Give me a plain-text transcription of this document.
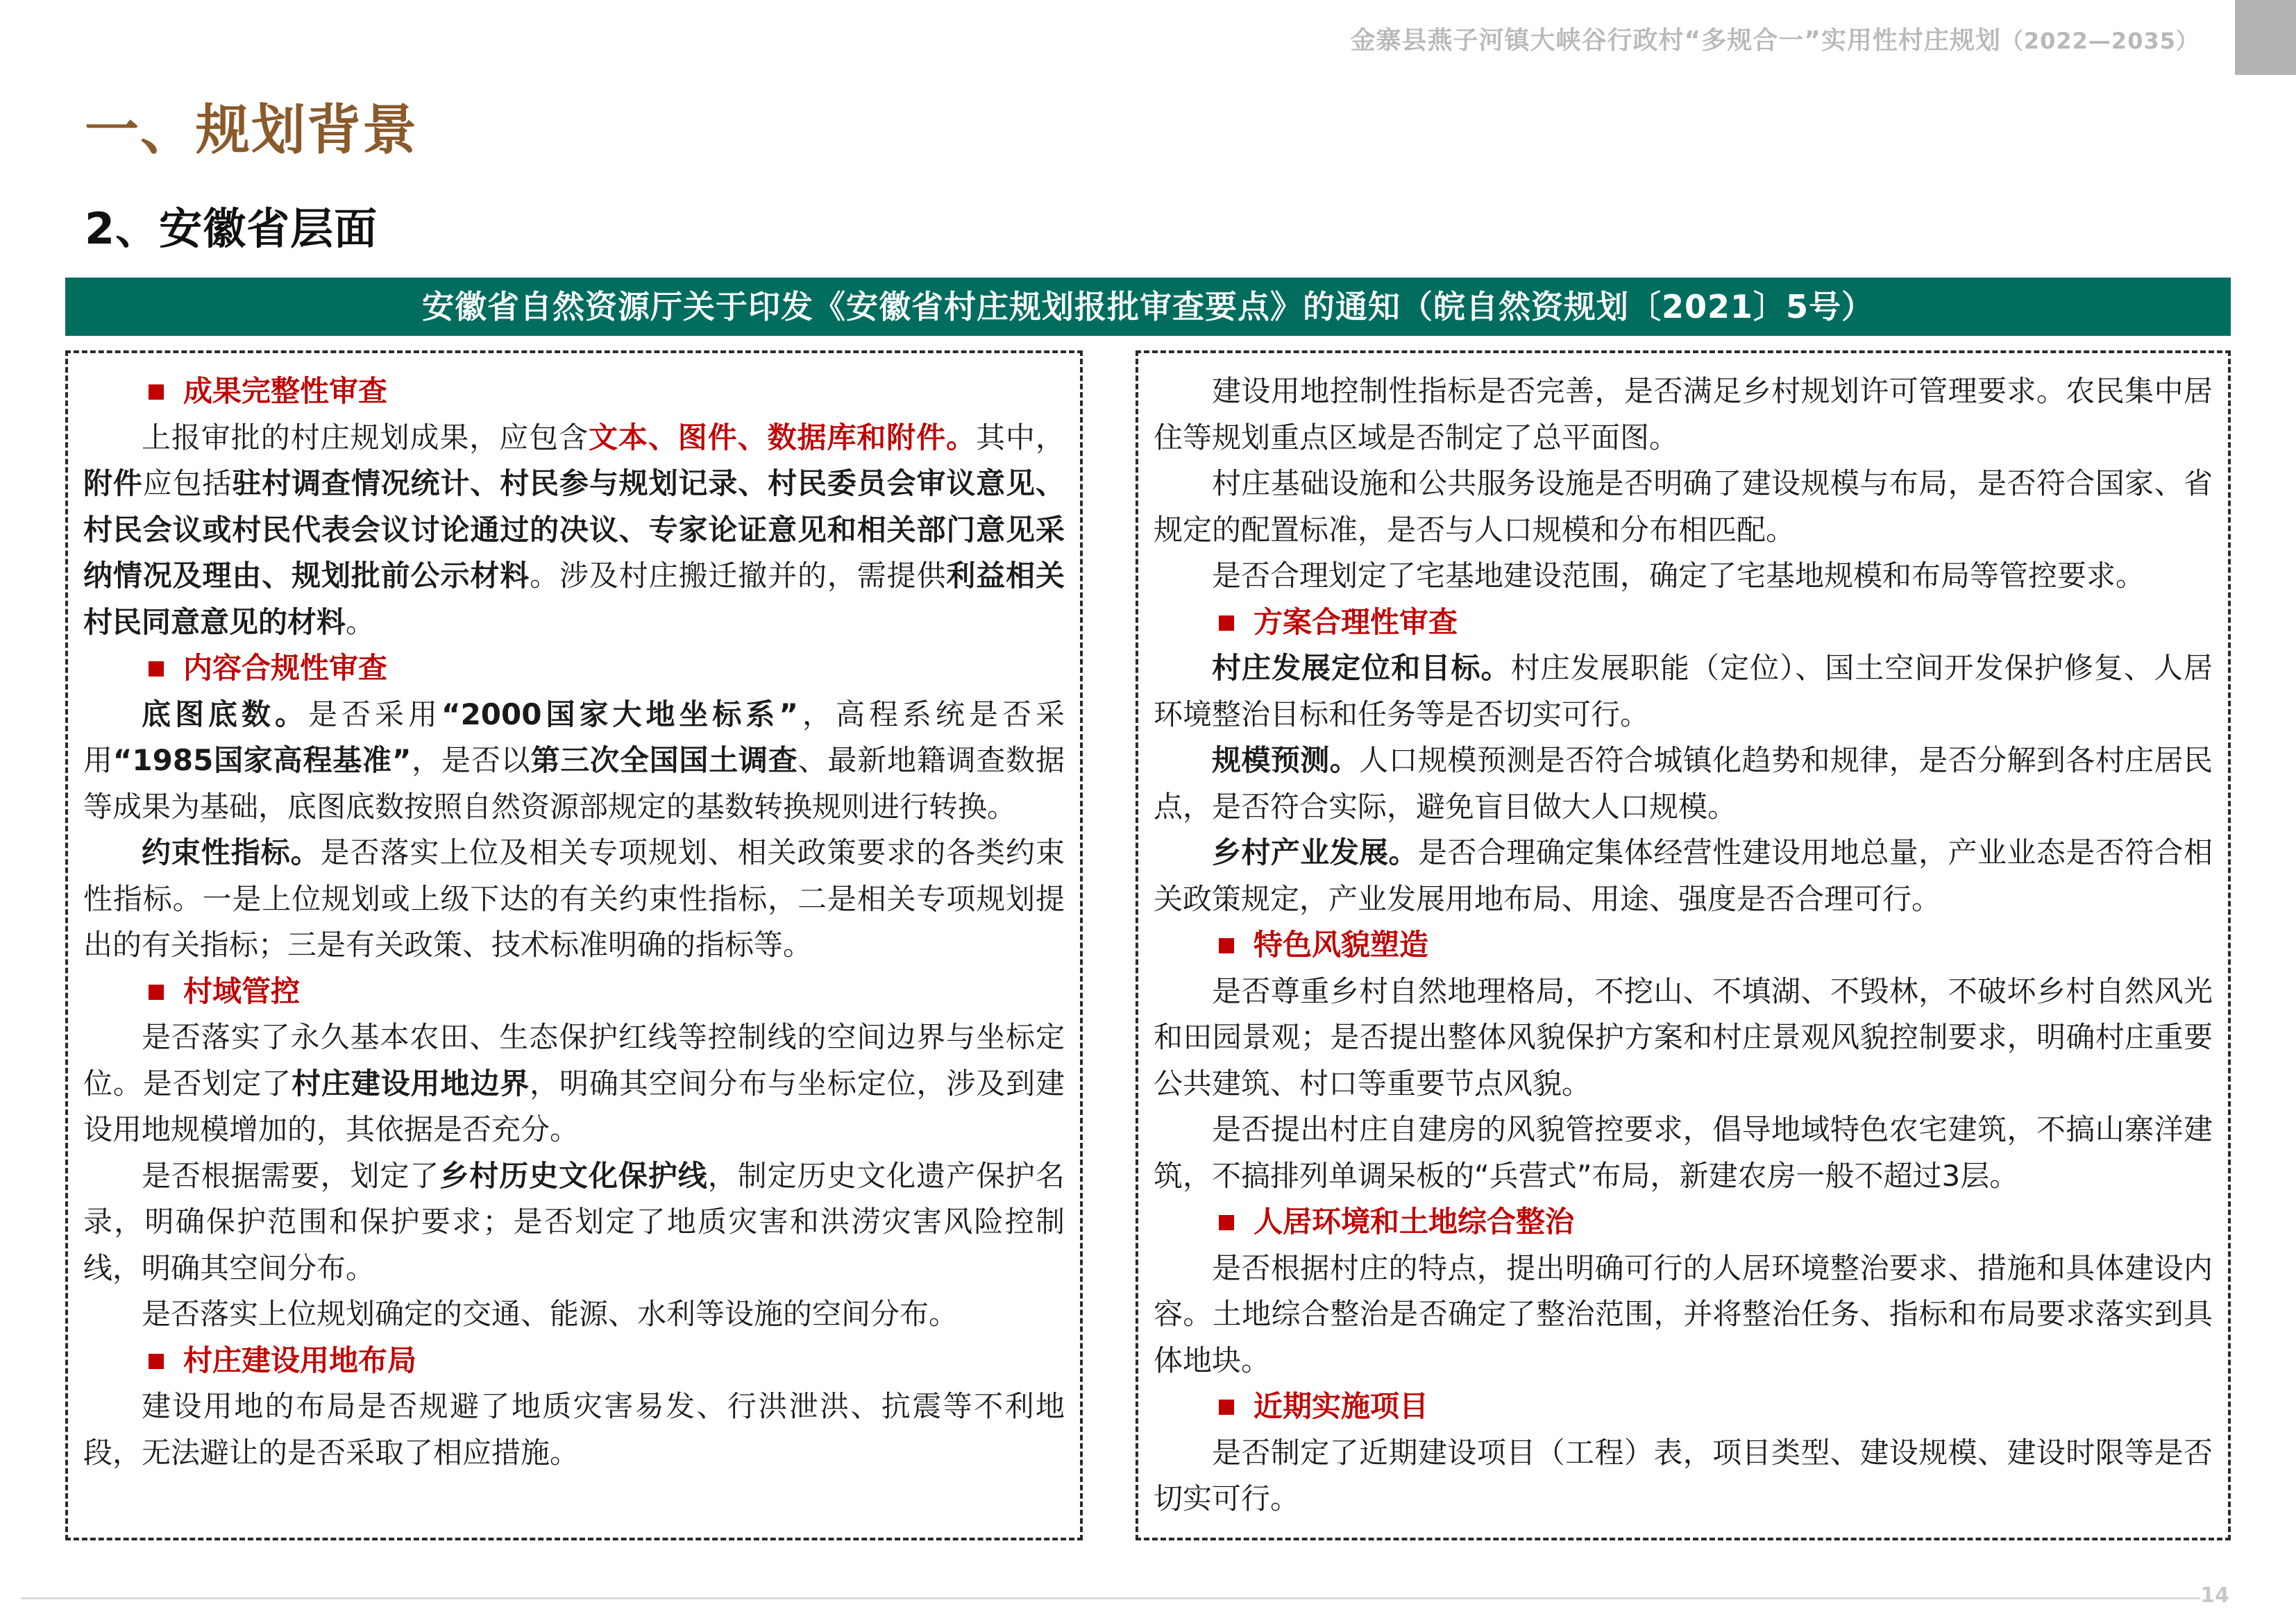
金寨县燕子河镇大峡谷行政村“多规合一”实用性村庄规划（2022—2035）
一、规划背景
2、安徽省层面
安徽省自然资源厅关于印发《安徽省村庄规划报批审查要点》的通知（皖自然资规划〔2021〕5号）
成果完整性审查

上报审批的村庄规划成果，应包含文本、图件、数据库和附件。其中，附件应包括驻村调查情况统计、村民参与规划记录、村民委员会审议意见、村民会议或村民代表会议讨论通过的决议、专家论证意见和相关部门意见采纳情况及理由、规划批前公示材料。涉及村庄搬迁撤并的，需提供利益相关村民同意意见的材料。

内容合规性审查

底图底数。是否采用“2000国家大地坐标系”，高程系统是否采用“1985国家高程基准”，是否以第三次全国国土调查、最新地籍调查数据等成果为基础，底图底数按照自然资源部规定的基数转换规则进行转换。

约束性指标。是否落实上位及相关专项规划、相关政策要求的各类约束性指标。一是上位规划或上级下达的有关约束性指标，二是相关专项规划提出的有关指标；三是有关政策、技术标准明确的指标等。

村域管控

是否落实了永久基本农田、生态保护红线等控制线的空间边界与坐标定位。是否划定了村庄建设用地边界，明确其空间分布与坐标定位，涉及到建设用地规模增加的，其依据是否充分。

是否根据需要，划定了乡村历史文化保护线，制定历史文化遗产保护名录，明确保护范围和保护要求；是否划定了地质灾害和洪涝灾害风险控制线，明确其空间分布。

是否落实上位规划确定的交通、能源、水利等设施的空间分布。

村庄建设用地布局

建设用地的布局是否规避了地质灾害易发、行洪泄洪、抗震等不利地段，无法避让的是否采取了相应措施。

建设用地控制性指标是否完善，是否满足乡村规划许可管理要求。农民集中居住等规划重点区域是否制定了总平面图。

村庄基础设施和公共服务设施是否明确了建设规模与布局，是否符合国家、省规定的配置标准，是否与人口规模和分布相匹配。

是否合理划定了宅基地建设范围，确定了宅基地规模和布局等管控要求。

方案合理性审查

村庄发展定位和目标。村庄发展职能（定位）、国土空间开发保护修复、人居环境整治目标和任务等是否切实可行。

规模预测。人口规模预测是否符合城镇化趋势和规律，是否分解到各村庄居民点，是否符合实际，避免盲目做大人口规模。

乡村产业发展。是否合理确定集体经营性建设用地总量，产业业态是否符合相关政策规定，产业发展用地布局、用途、强度是否合理可行。

特色风貌塑造

是否尊重乡村自然地理格局，不挖山、不填湖、不毁林，不破坏乡村自然风光和田园景观；是否提出整体风貌保护方案和村庄景观风貌控制要求，明确村庄重要公共建筑、村口等重要节点风貌。

是否提出村庄自建房的风貌管控要求，倡导地域特色农宅建筑，不搞山寨洋建筑，不搞排列单调呆板的“兵营式”布局，新建农房一般不超过3层。

人居环境和土地综合整治

是否根据村庄的特点，提出明确可行的人居环境整治要求、措施和具体建设内容。土地综合整治是否确定了整治范围，并将整治任务、指标和布局要求落实到具体地块。

近期实施项目

是否制定了近期建设项目（工程）表，项目类型、建设规模、建设时限等是否切实可行。

14
